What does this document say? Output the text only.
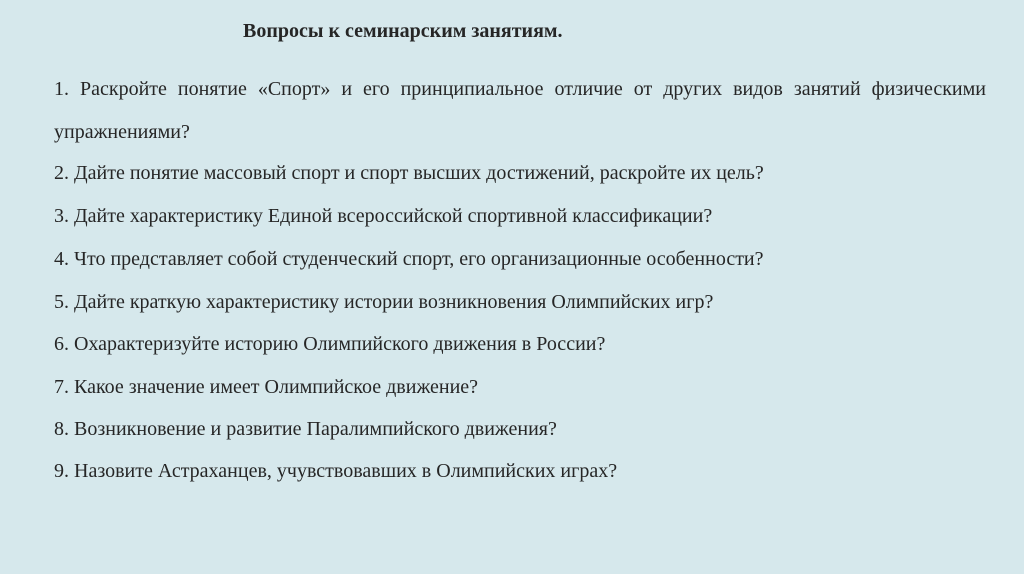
Вопросы к семинарским занятиям.
1. Раскройте понятие «Спорт» и его принципиальное отличие от других видов занятий физическими упражнениями?
2. Дайте понятие массовый спорт и спорт высших достижений, раскройте их цель?
3. Дайте характеристику Единой всероссийской спортивной классификации?
4. Что представляет собой студенческий спорт, его организационные особенности?
5. Дайте краткую характеристику истории возникновения Олимпийских игр?
6. Охарактеризуйте историю Олимпийского движения в России?
7. Какое значение имеет Олимпийское движение?
8. Возникновение и развитие Паралимпийского движения?
9. Назовите Астраханцев, учувствовавших в Олимпийских играх?
